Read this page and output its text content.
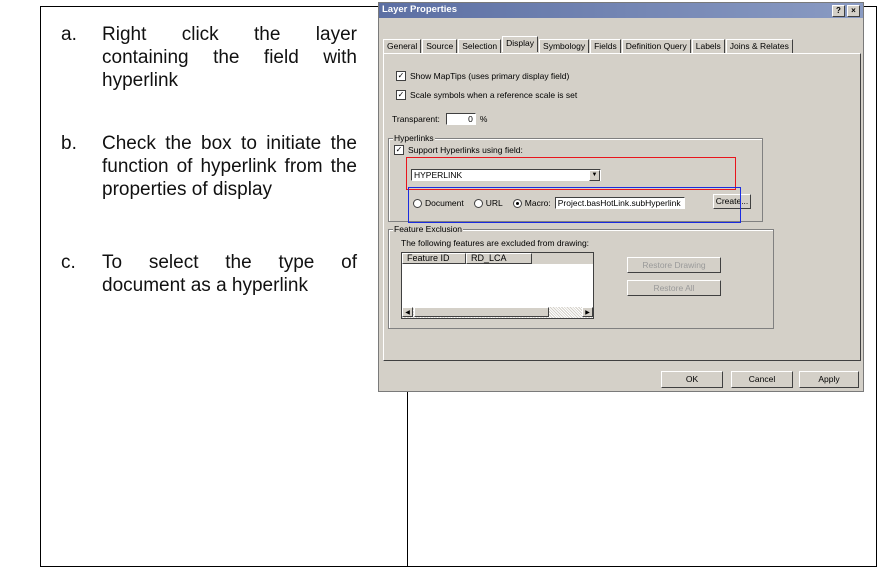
a. Right click the layer containing the field with hyperlink
b. Check the box to initiate the function of hyperlink from the properties of display
c. To select the type of document as a hyperlink
Layer Properties	?	×
General	Source	Selection	Display	Symbology	Fields	Definition Query	Labels	Joins & Relates
✓ Show MapTips (uses primary display field)
✓ Scale symbols when a reference scale is set
Transparent:	0 %
Hyperlinks
✓ Support Hyperlinks using field:
HYPERLINK	▼
Document	URL	Macro: Project.basHotLink.subHyperlink	Create...
Feature Exclusion
The following features are excluded from drawing:
Feature ID	RD_LCA
◀	▶
Restore Drawing
Restore All
OK	Cancel	Apply
